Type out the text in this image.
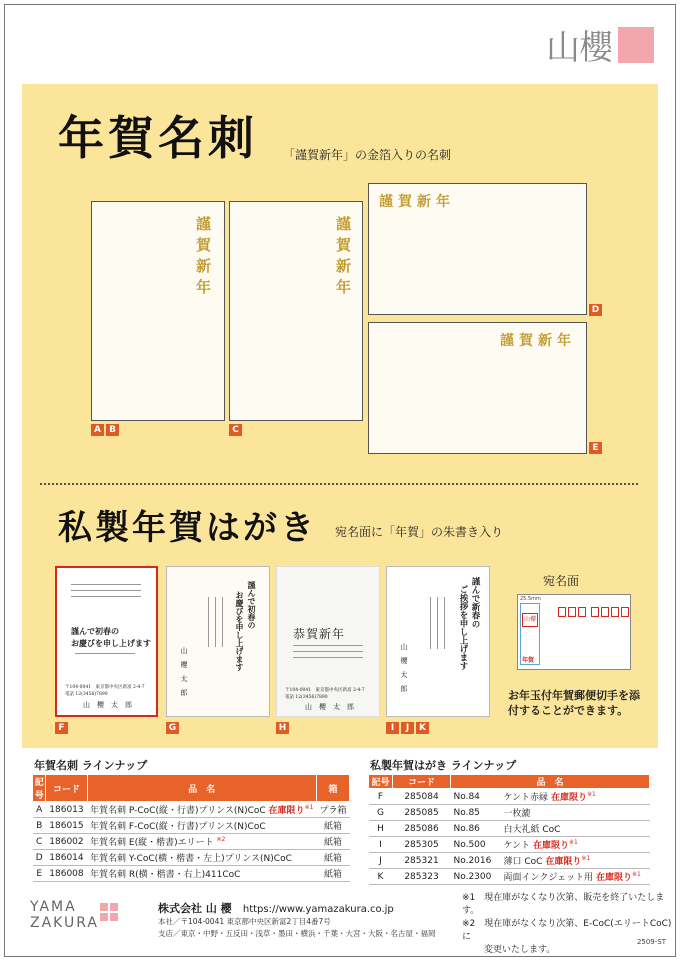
山櫻
年賀名刺 「謹賀新年」の金箔入りの名刺
謹賀新年
A B
謹賀新年
C
謹賀新年
D
謹賀新年
E
私製年賀はがき 宛名面に「年賀」の朱書き入り
謹んで初春の
お慶びを申し上げます
〒104-0041　東京都中央区新富 2-4-7
電話 12(3456)7890
山　櫻　太　郎
F
謹んで初春の
お慶びを申し上げます
山　櫻　太　郎
G
恭賀新年
〒104-0041　東京都中央区新富 2-4-7
電話 12(3456)7890
山　櫻　太　郎
H
謹んで新春の
ご挨拶を申し上げます
山　櫻　太　郎
I	J	K
宛名面
25.5mm
山櫻
年賀
お年玉付年賀郵便切手を添付することができます。
年賀名刺 ラインナップ
記号	コード	品　名	箱
A	186013	年賀名刺 P-CoC(縦・行書)プリンス(N)CoC 在庫限り$^{※1}$	プラ箱
B	186015	年賀名刺 F-CoC(縦・行書)プリンス(N)CoC	紙箱
C	186002	年賀名刺 E(縦・楷書)エリート $^{※2}$	紙箱
D	186014	年賀名刺 Y-CoC(横・楷書・左上)プリンス(N)CoC	紙箱
E	186008	年賀名刺 R(横・楷書・右上)411CoC	紙箱
私製年賀はがき ラインナップ
記号	コード	品　名	
F	285084	No.84	ケント赤縁 在庫限り$^{※1}$
G	285085	No.85	一枚漉
H	285086	No.86	白大礼紙 CoC
I	285305	No.500	ケント 在庫限り$^{※1}$
J	285321	No.2016	薄口 CoC 在庫限り$^{※1}$
K	285323	No.2300	両面インクジェット用 在庫限り$^{※1}$
※1　 現在庫がなくなり次第、販売を終了いたします。
※2　 現在庫がなくなり次第、E-CoC(エリートCoC)に
変更いたします。
YAMA
ZAKURA
株式会社 山 櫻 https://www.yamazakura.co.jp
本社／〒104-0041 東京都中央区新富2丁目4番7号
支店／東京・中野・五反田・浅草・墨田・横浜・千葉・大宮・大阪・名古屋・福岡
2509-ST
